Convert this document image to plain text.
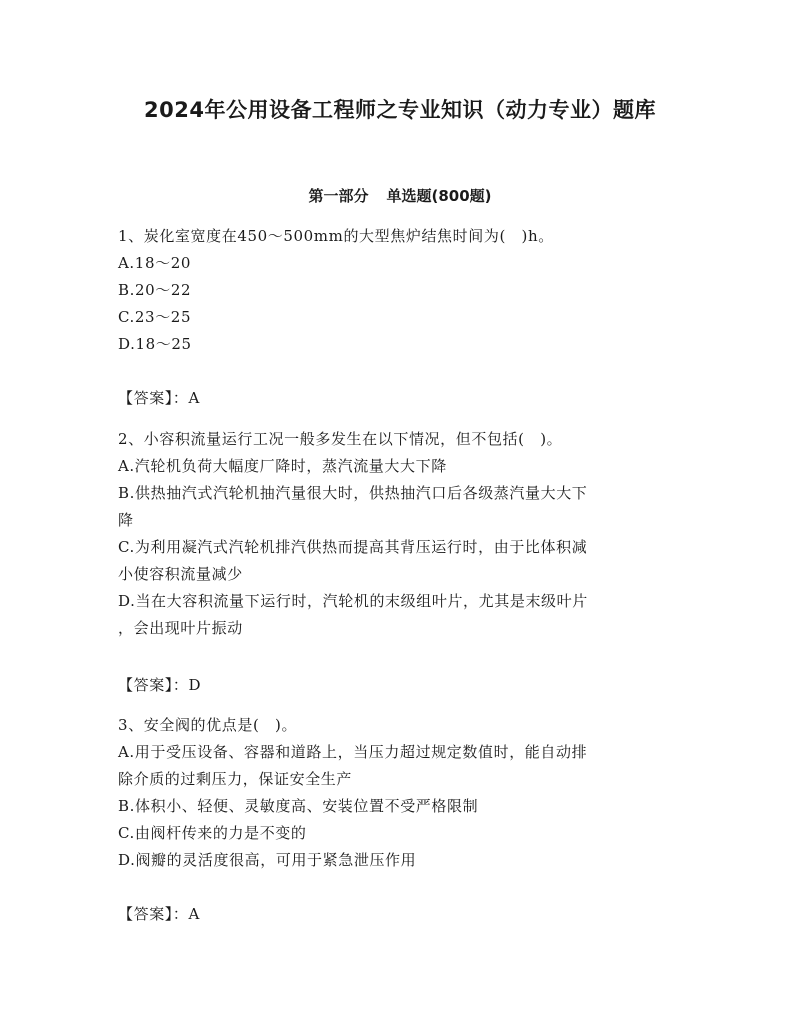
2024年公用设备工程师之专业知识（动力专业）题库
第一部分 单选题(800题)
1、炭化室宽度在450～500mm的大型焦炉结焦时间为(　)h。
A.18～20
B.20～22
C.23～25
D.18～25
【答案】：A
2、小容积流量运行工况一般多发生在以下情况，但不包括(　)。
A.汽轮机负荷大幅度厂降时，蒸汽流量大大下降
B.供热抽汽式汽轮机抽汽量很大时，供热抽汽口后各级蒸汽量大大下
降
C.为利用凝汽式汽轮机排汽供热而提高其背压运行时，由于比体积减
小使容积流量减少
D.当在大容积流量下运行时，汽轮机的末级组叶片，尤其是末级叶片
，会出现叶片振动
【答案】：D
3、安全阀的优点是(　)。
A.用于受压设备、容器和道路上，当压力超过规定数值时，能自动排
除介质的过剩压力，保证安全生产
B.体积小、轻便、灵敏度高、安装位置不受严格限制
C.由阀杆传来的力是不变的
D.阀瓣的灵活度很高，可用于紧急泄压作用
【答案】：A
